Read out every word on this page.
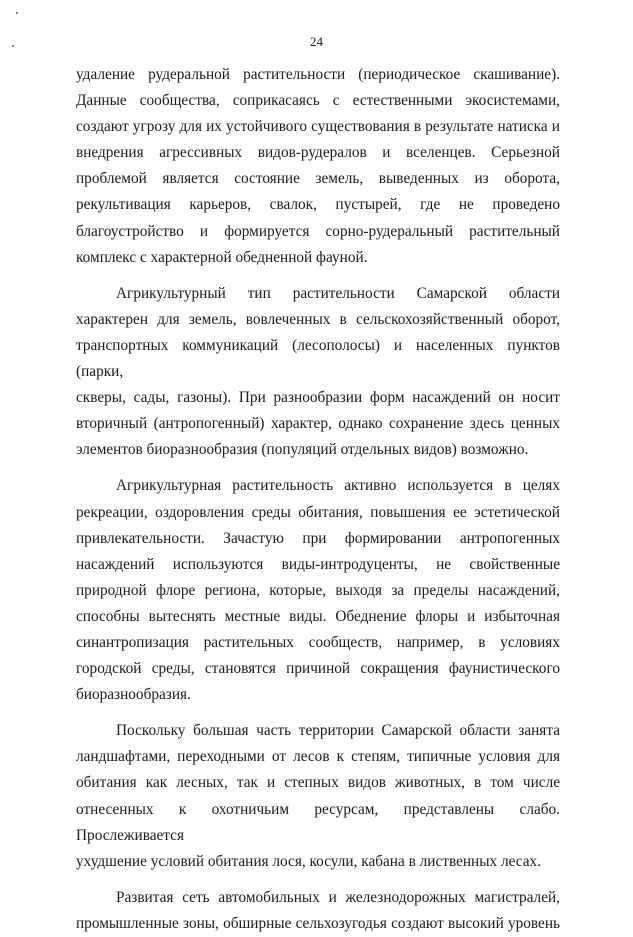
24

удаление рудеральной растительности (периодическое скашивание).

Данные сообщества, соприкасаясь с естественными экосистемами,

создают угрозу для их устойчивого существования в результате натиска и

внедрения агрессивных видов-рудералов и вселенцев. Серьезной

проблемой является состояние земель, выведенных из оборота,

рекультивация карьеров, свалок, пустырей, где не проведено

благоустройство и формируется сорно-рудеральный растительный

комплекс с характерной обедненной фауной.

Агрикультурный тип растительности Самарской области

характерен для земель, вовлеченных в сельскохозяйственный оборот,

транспортных коммуникаций (лесополосы) и населенных пунктов (парки,

скверы, сады, газоны). При разнообразии форм насаждений он носит

вторичный (антропогенный) характер, однако сохранение здесь ценных

элементов биоразнообразия (популяций отдельных видов) возможно.

Агрикультурная растительность активно используется в целях

рекреации, оздоровления среды обитания, повышения ее эстетической

привлекательности. Зачастую при формировании антропогенных

насаждений используются виды-интродуценты, не свойственные

природной флоре региона, которые, выходя за пределы насаждений,

способны вытеснять местные виды. Обеднение флоры и избыточная

синантропизация растительных сообществ, например, в условиях

городской среды, становятся причиной сокращения фаунистического

биоразнообразия.

Поскольку большая часть территории Самарской области занята

ландшафтами, переходными от лесов к степям, типичные условия для

обитания как лесных, так и степных видов животных, в том числе

отнесенных к охотничьим ресурсам, представлены слабо. Прослеживается

ухудшение условий обитания лося, косули, кабана в лиственных лесах.

Развитая сеть автомобильных и железнодорожных магистралей,

промышленные зоны, обширные сельхозугодья создают высокий уровень
